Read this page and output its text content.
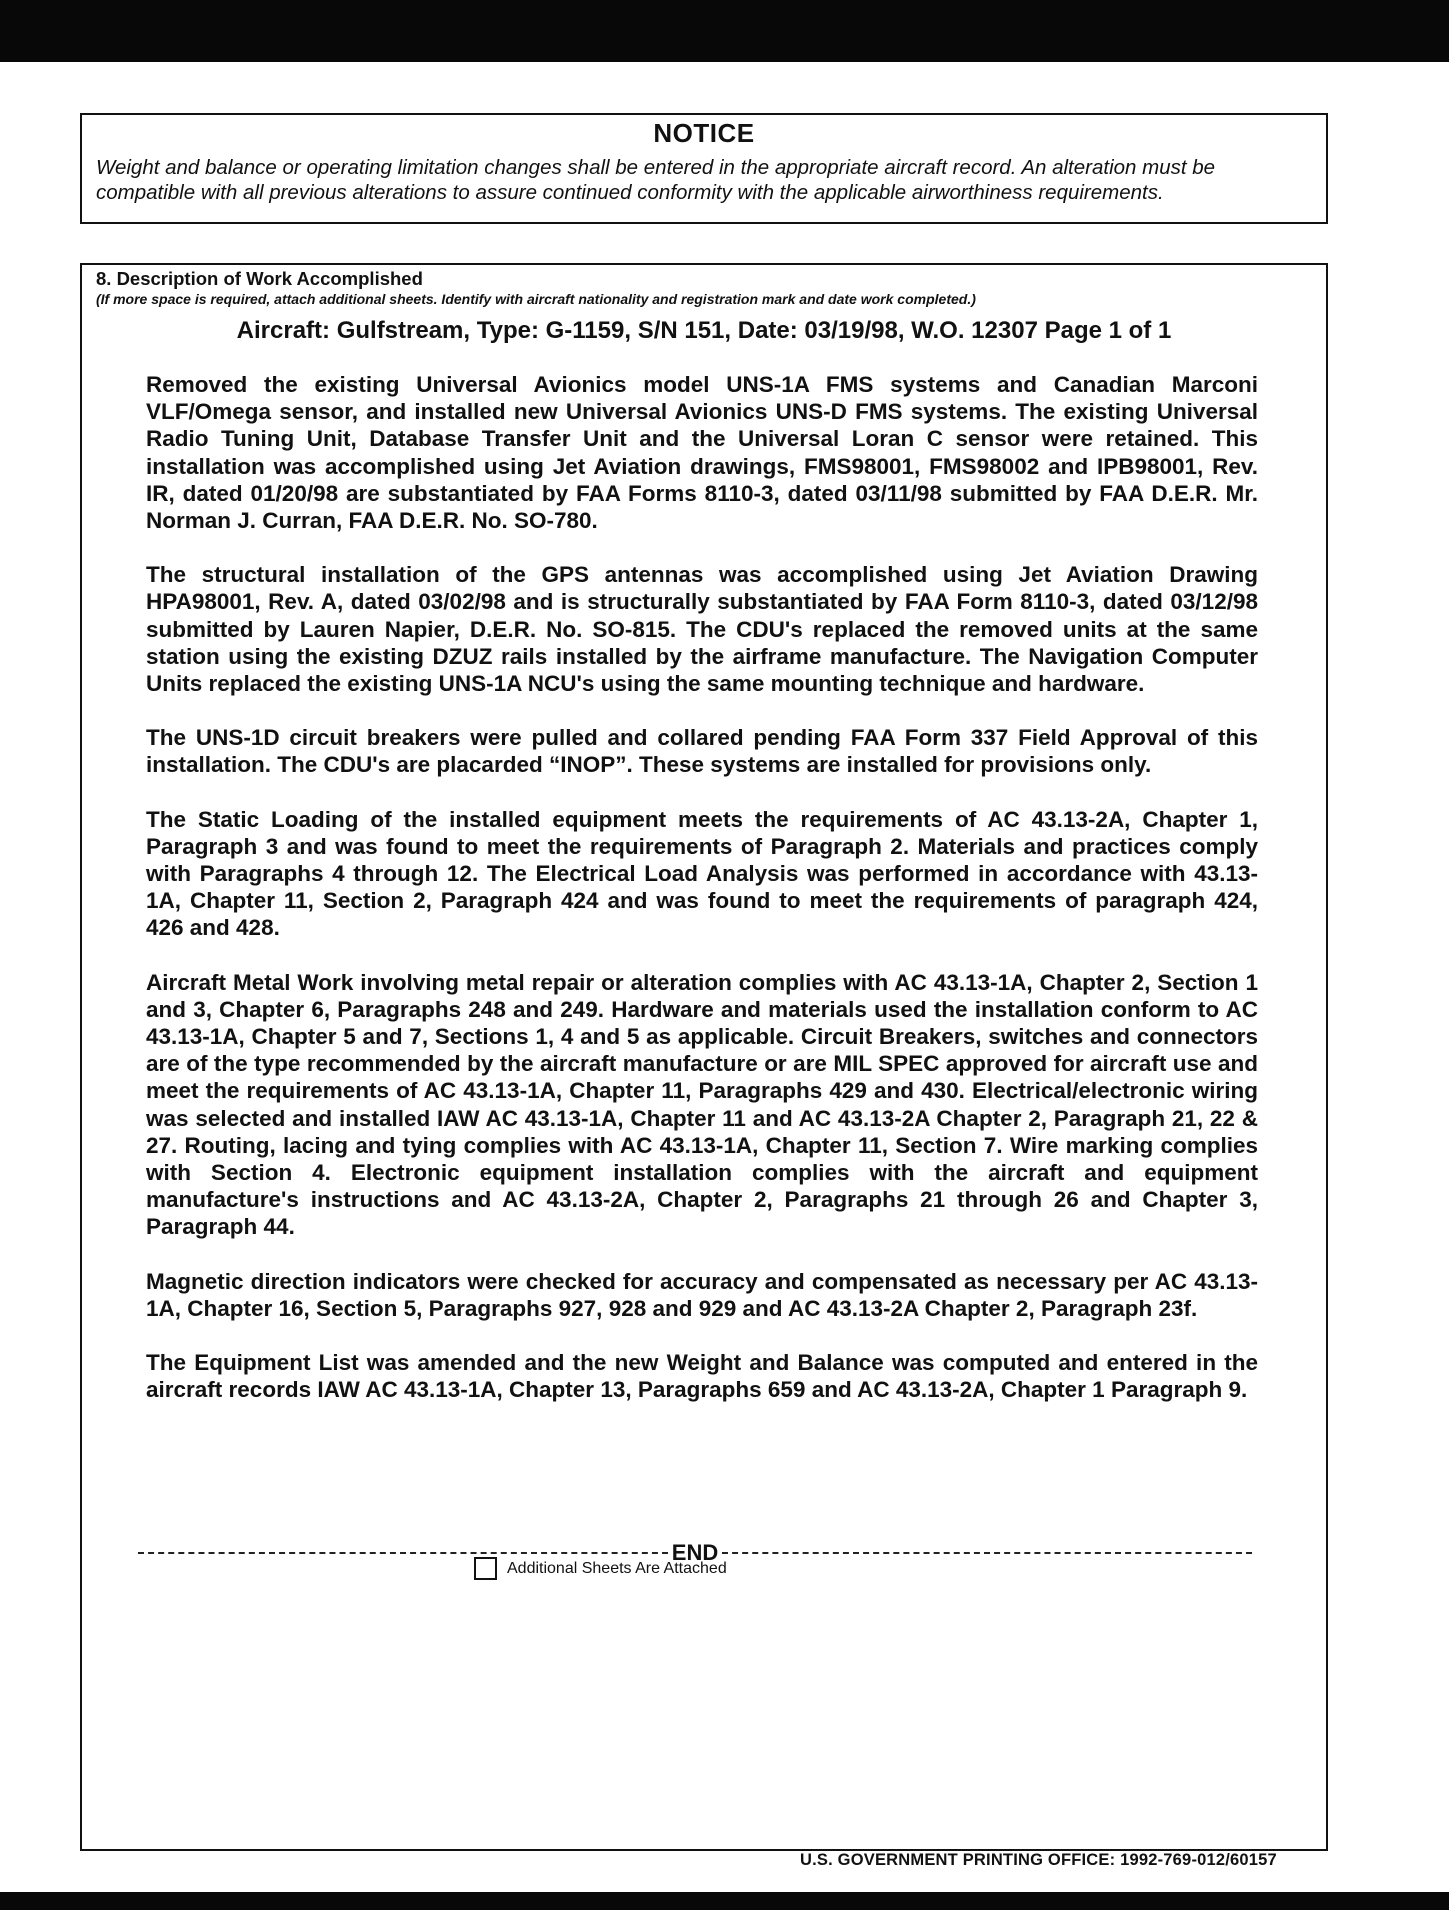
NOTICE
Weight and balance or operating limitation changes shall be entered in the appropriate aircraft record. An alteration must be compatible with all previous alterations to assure continued conformity with the applicable airworthiness requirements.
8. Description of Work Accomplished
(If more space is required, attach additional sheets. Identify with aircraft nationality and registration mark and date work completed.)
Aircraft: Gulfstream, Type: G-1159, S/N 151, Date: 03/19/98, W.O. 12307 Page 1 of 1

Removed the existing Universal Avionics model UNS-1A FMS systems and Canadian Marconi VLF/Omega sensor, and installed new Universal Avionics UNS-D FMS systems. The existing Universal Radio Tuning Unit, Database Transfer Unit and the Universal Loran C sensor were retained. This installation was accomplished using Jet Aviation drawings, FMS98001, FMS98002 and IPB98001, Rev. IR, dated 01/20/98 are substantiated by FAA Forms 8110-3, dated 03/11/98 submitted by FAA D.E.R. Mr. Norman J. Curran, FAA D.E.R. No. SO-780.

The structural installation of the GPS antennas was accomplished using Jet Aviation Drawing HPA98001, Rev. A, dated 03/02/98 and is structurally substantiated by FAA Form 8110-3, dated 03/12/98 submitted by Lauren Napier, D.E.R. No. SO-815. The CDU's replaced the removed units at the same station using the existing DZUZ rails installed by the airframe manufacture. The Navigation Computer Units replaced the existing UNS-1A NCU's using the same mounting technique and hardware.

The UNS-1D circuit breakers were pulled and collared pending FAA Form 337 Field Approval of this installation. The CDU's are placarded “INOP”. These systems are installed for provisions only.

The Static Loading of the installed equipment meets the requirements of AC 43.13-2A, Chapter 1, Paragraph 3 and was found to meet the requirements of Paragraph 2. Materials and practices comply with Paragraphs 4 through 12. The Electrical Load Analysis was performed in accordance with 43.13-1A, Chapter 11, Section 2, Paragraph 424 and was found to meet the requirements of paragraph 424, 426 and 428.

Aircraft Metal Work involving metal repair or alteration complies with AC 43.13-1A, Chapter 2, Section 1 and 3, Chapter 6, Paragraphs 248 and 249. Hardware and materials used the installation conform to AC 43.13-1A, Chapter 5 and 7, Sections 1, 4 and 5 as applicable. Circuit Breakers, switches and connectors are of the type recommended by the aircraft manufacture or are MIL SPEC approved for aircraft use and meet the requirements of AC 43.13-1A, Chapter 11, Paragraphs 429 and 430. Electrical/electronic wiring was selected and installed IAW AC 43.13-1A, Chapter 11 and AC 43.13-2A Chapter 2, Paragraph 21, 22 & 27. Routing, lacing and tying complies with AC 43.13-1A, Chapter 11, Section 7. Wire marking complies with Section 4. Electronic equipment installation complies with the aircraft and equipment manufacture's instructions and AC 43.13-2A, Chapter 2, Paragraphs 21 through 26 and Chapter 3, Paragraph 44.

Magnetic direction indicators were checked for accuracy and compensated as necessary per AC 43.13-1A, Chapter 16, Section 5, Paragraphs 927, 928 and 929 and AC 43.13-2A Chapter 2, Paragraph 23f.

The Equipment List was amended and the new Weight and Balance was computed and entered in the aircraft records IAW AC 43.13-1A, Chapter 13, Paragraphs 659 and AC 43.13-2A, Chapter 1 Paragraph 9.

END
Additional Sheets Are Attached
U.S. GOVERNMENT PRINTING OFFICE: 1992-769-012/60157
